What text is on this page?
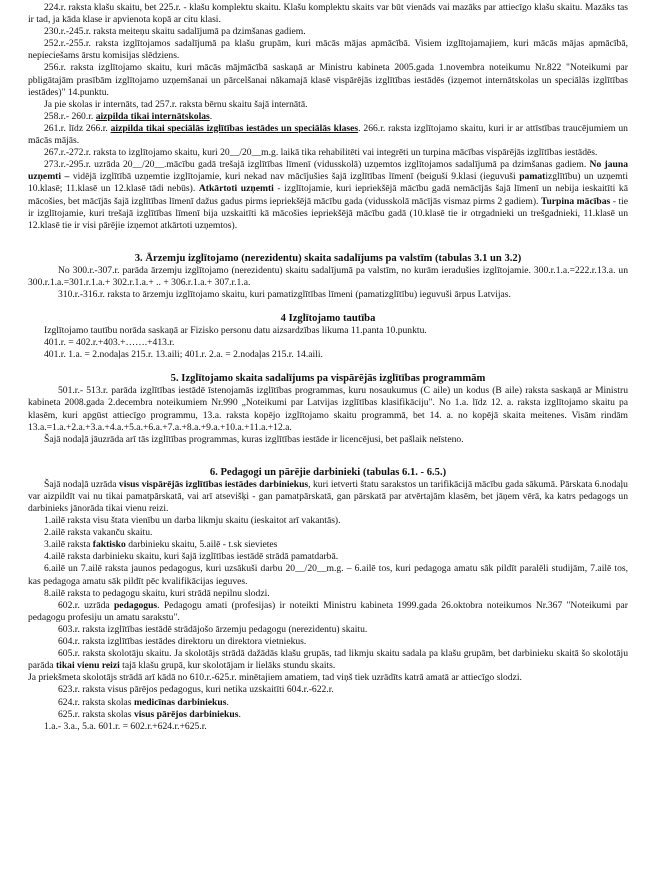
224.r. raksta klašu skaitu, bet 225.r. - klašu komplektu skaitu. Klašu komplektu skaits var būt vienāds vai mazāks par attiecīgo klašu skaitu. Mazāks tas ir tad, ja kāda klase ir apvienota kopā ar citu klasi.

230.r.-245.r. raksta meiteņu skaitu sadalījumā pa dzimšanas gadiem.

252.r.-255.r. raksta izglītojamos sadalījumā pa klašu grupām, kuri mācās mājas apmācībā. Visiem izglītojamajiem, kuri mācās mājas apmācībā, nepieciešams ārstu komisijas slēdziens.

256.r. raksta izglītojamo skaitu, kuri mācās mājmācībā saskaņā ar Ministru kabineta 2005.gada 1.novembra noteikumu Nr.822 "Noteikumi par pbligātajām prasībām izglītojamo uzņemšanai un pārcelšanai nākamajā klasē vispārējās izglītības iestādēs (izņemot internātskolas un speciālās izglītības iestādes)" 14.punktu.

Ja pie skolas ir internāts, tad 257.r. raksta bērnu skaitu šajā internātā.

258.r.- 260.r. aizpilda tikai internātskolas.

261.r. līdz 266.r. aizpilda tikai speciālās izglītības iestādes un speciālās klases. 266.r. raksta izglītojamo skaitu, kuri ir ar attīstības traucējumiem un mācās mājās.

267.r.-272.r. raksta to izglītojamo skaitu, kuri 20__/20__m.g. laikā tika rehabilitēti vai integrēti un turpina mācības vispārējās izglītības iestādēs.

273.r.-295.r. uzrāda 20__/20__.mācību gadā trešajā izglītības līmenī (vidusskolā) uzņemtos izglītojamos sadalījumā pa dzimšanas gadiem. No jauna uzņemti – vidējā izglītībā uzņemtie izglītojamie, kuri nekad nav mācījušies šajā izglītības līmenī (beiguši 9.klasi (ieguvuši pamatizglītību) un uzņemti 10.klasē; 11.klasē un 12.klasē tādi nebūs). Atkārtoti uzņemti - izglītojamie, kuri iepriekšējā mācību gadā nemācījās šajā līmenī un nebija ieskaitīti kā mācošies, bet mācījās šajā izglītības līmenī dažus gadus pirms iepriekšējā mācību gada (vidusskolā mācījās vismaz pirms 2 gadiem). Turpina mācības - tie ir izglītojamie, kuri trešajā izglītības līmenī bija uzskaitīti kā mācošies iepriekšējā mācību gadā (10.klasē tie ir otrgadnieki un trešgadnieki, 11.klasē un 12.klasē tie ir visi pārējie izņemot atkārtoti uzņemtos).

3. Ārzemju izglītojamo (nerezidentu) skaita sadalījums pa valstīm (tabulas 3.1 un 3.2)

No 300.r.-307.r. parāda ārzemju izglītojamo (nerezidentu) skaitu sadalījumā pa valstīm, no kurām ieradušies izglītojamie. 300.r.1.a.=222.r.13.a. un 300.r.1.a.=301.r.1.a.+ 302.r.1.a.+ .. + 306.r.1.a.+ 307.r.1.a.

310.r.-316.r. raksta to ārzemju izglītojamo skaitu, kuri pamatizglītības līmeni (pamatizglītību) ieguvuši ārpus Latvijas.

4 Izglītojamo tautība

Izglītojamo tautību norāda saskaņā ar Fizisko personu datu aizsardzības likuma 11.panta 10.punktu.

401.r. = 402.r.+403.+…….+413.r.

401.r. 1.a. = 2.nodaļas 215.r. 13.aili; 401.r. 2.a. = 2.nodaļas 215.r. 14.aili.

5. Izglītojamo skaita sadalījums pa vispārējās izglītības programmām

501.r.- 513.r. parāda izglītības iestādē īstenojamās izglītības programmas, kuru nosaukumus (C aile) un kodus (B aile) raksta saskaņā ar Ministru kabineta 2008.gada 2.decembra noteikumiem Nr.990 „Noteikumi par Latvijas izglītības klasifikāciju". No 1.a. līdz 12. a. raksta izglītojamo skaitu pa klasēm, kuri apgūst attiecīgo programmu, 13.a. raksta kopējo izglītojamo skaitu programmā, bet 14. a. no kopējā skaita meitenes. Visām rindām 13.a.=1.a.+2.a.+3.a.+4.a.+5.a.+6.a.+7.a.+8.a.+9.a.+10.a.+11.a.+12.a.

Šajā nodaļā jāuzrāda arī tās izglītības programmas, kuras izglītības iestāde ir licencējusi, bet pašlaik neīsteno.

6. Pedagogi un pārējie darbinieki (tabulas 6.1. - 6.5.)

Šajā nodaļā uzrāda visus vispārējās izglītības iestādes darbiniekus, kuri ietverti štatu sarakstos un tarifikācijā mācību gada sākumā. Pārskata 6.nodaļu var aizpildīt vai nu tikai pamatpārskatā, vai arī atsevišķi - gan pamatpārskatā, gan pārskatā par atvērtajām klasēm, bet jāņem vērā, ka katrs pedagogs un darbinieks jānorāda tikai vienu reizi.

1.ailē raksta visu štata vienību un darba likmju skaitu (ieskaitot arī vakantās).

2.ailē raksta vakanču skaitu.

3.ailē raksta faktisko darbinieku skaitu, 5.ailē - t.sk sievietes

4.ailē raksta darbinieku skaitu, kuri šajā izglītības iestādē strādā pamatdarbā.

6.ailē un 7.ailē raksta jaunos pedagogus, kuri uzsākuši darbu 20__/20__m.g. – 6.ailē tos, kuri pedagoga amatu sāk pildīt paralēli studijām, 7.ailē tos, kas pedagoga amatu sāk pildīt pēc kvalifikācijas ieguves.

8.ailē raksta to pedagogu skaitu, kuri strādā nepilnu slodzi.

602.r. uzrāda pedagogus. Pedagogu amati (profesijas) ir noteikti Ministru kabineta 1999.gada 26.oktobra noteikumos Nr.367 "Noteikumi par pedagogu profesiju un amatu sarakstu".

603.r. raksta izglītības iestādē strādājošo ārzemju pedagogu (nerezidentu) skaitu.

604.r. raksta izglītības iestādes direktoru un direktora vietniekus.

605.r. raksta skolotāju skaitu. Ja skolotājs strādā dažādās klašu grupās, tad likmju skaitu sadala pa klašu grupām, bet darbinieku skaitā šo skolotāju parāda tikai vienu reizi tajā klašu grupā, kur skolotājam ir lielāks stundu skaits.

Ja priekšmeta skolotājs strādā arī kādā no 610.r.-625.r. minētajiem amatiem, tad viņš tiek uzrādīts katrā amatā ar attiecīgo slodzi.

623.r. raksta visus pārējos pedagogus, kuri netika uzskaitīti 604.r.-622.r.

624.r. raksta skolas medicīnas darbiniekus.

625.r. raksta skolas visus pārējos darbiniekus.

1.a.- 3.a., 5.a. 601.r. = 602.r.+624.r.+625.r.
